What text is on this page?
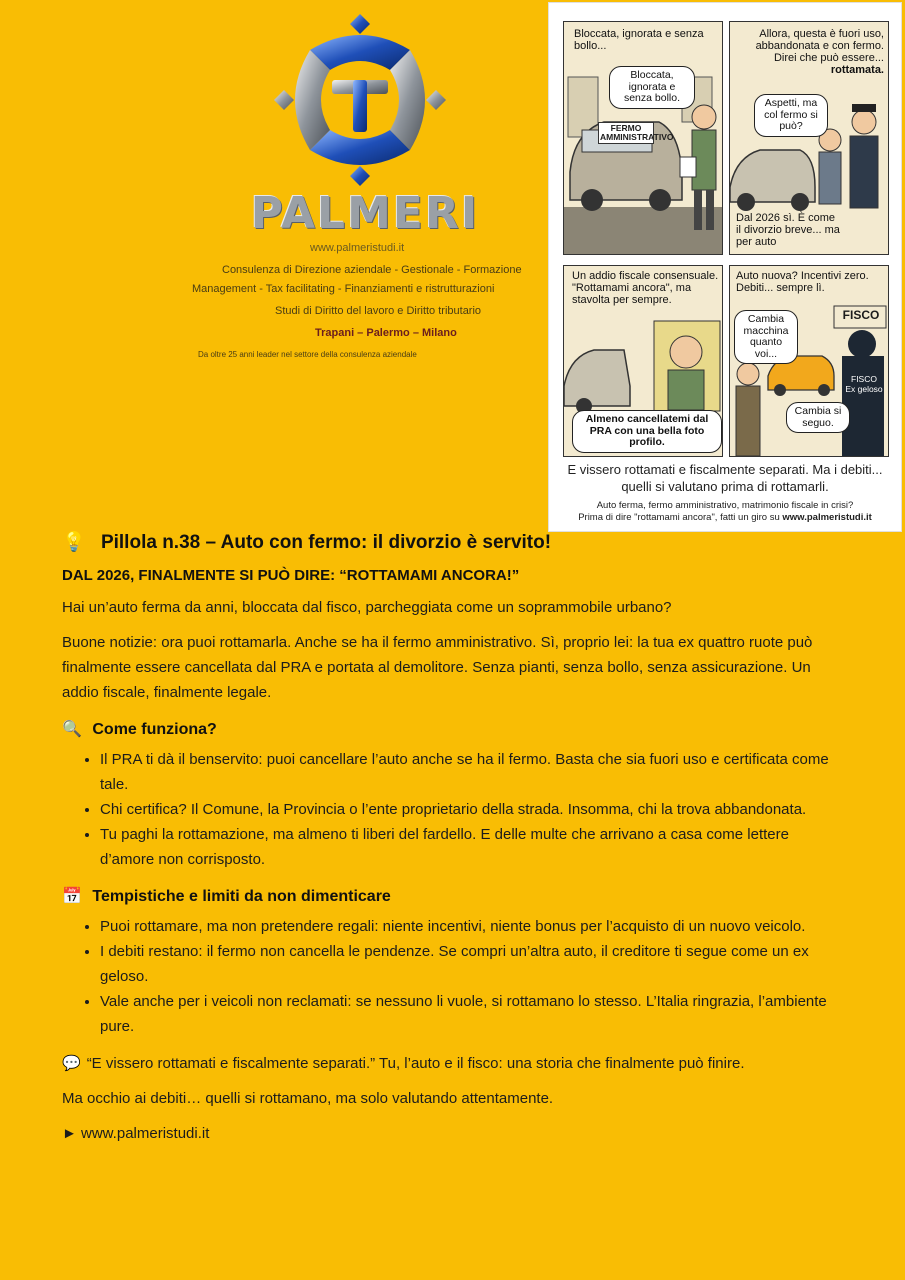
PALMERI
www.palmeristudi.it
Consulenza di Direzione aziendale - Gestionale - Formazione
Management - Tax facilitating - Finanziamenti e ristrutturazioni
Studi di Diritto del lavoro e Diritto tributario
Trapani – Palermo – Milano
Da oltre 25 anni leader nel settore della consulenza aziendale
Bloccata, ignorata e senza bollo...
FERMO AMMINISTRATIVO
Bloccata, ignorata e senza bollo.
Allora, questa è fuori uso, abbandonata e con fermo. Direi che può essere... rottamata.
Aspetti, ma col fermo si può?
Dal 2026 sì. È come il divorzio breve... ma per auto
Un addio fiscale consensuale. "Rottamami ancora", ma stavolta per sempre.
Almeno cancellatemi dal PRA con una bella foto profilo.
Auto nuova? Incentivi zero. Debiti... sempre lì.
FISCO
FISCO
Ex geloso
Cambia macchina quanto voi...
Cambia si seguo.
E vissero rottamati e fiscalmente separati. Ma i debiti... quelli si valutano prima di rottamarli.
Auto ferma, fermo amministrativo, matrimonio fiscale in crisi?
Prima di dire "rottamami ancora", fatti un giro su www.palmeristudi.it
💡 Pillola n.38 – Auto con fermo: il divorzio è servito!
DAL 2026, FINALMENTE SI PUÒ DIRE: “ROTTAMAMI ANCORA!”

Hai un’auto ferma da anni, bloccata dal fisco, parcheggiata come un soprammobile urbano?

Buone notizie: ora puoi rottamarla. Anche se ha il fermo amministrativo. Sì, proprio lei: la tua ex quattro ruote può finalmente essere cancellata dal PRA e portata al demolitore. Senza pianti, senza bollo, senza assicurazione. Un addio fiscale, finalmente legale.

🔍 Come funziona?
• Il PRA ti dà il benservito: puoi cancellare l’auto anche se ha il fermo. Basta che sia fuori uso e certificata come tale.
• Chi certifica? Il Comune, la Provincia o l’ente proprietario della strada. Insomma, chi la trova abbandonata.
• Tu paghi la rottamazione, ma almeno ti liberi del fardello. E delle multe che arrivano a casa come lettere d’amore non corrisposto.
📅 Tempistiche e limiti da non dimenticare
• Puoi rottamare, ma non pretendere regali: niente incentivi, niente bonus per l’acquisto di un nuovo veicolo.
• I debiti restano: il fermo non cancella le pendenze. Se compri un’altra auto, il creditore ti segue come un ex geloso.
• Vale anche per i veicoli non reclamati: se nessuno li vuole, si rottamano lo stesso. L’Italia ringrazia, l’ambiente pure.

💬 “E vissero rottamati e fiscalmente separati.” Tu, l’auto e il fisco: una storia che finalmente può finire.

Ma occhio ai debiti… quelli si rottamano, ma solo valutando attentamente.

► www.palmeristudi.it
